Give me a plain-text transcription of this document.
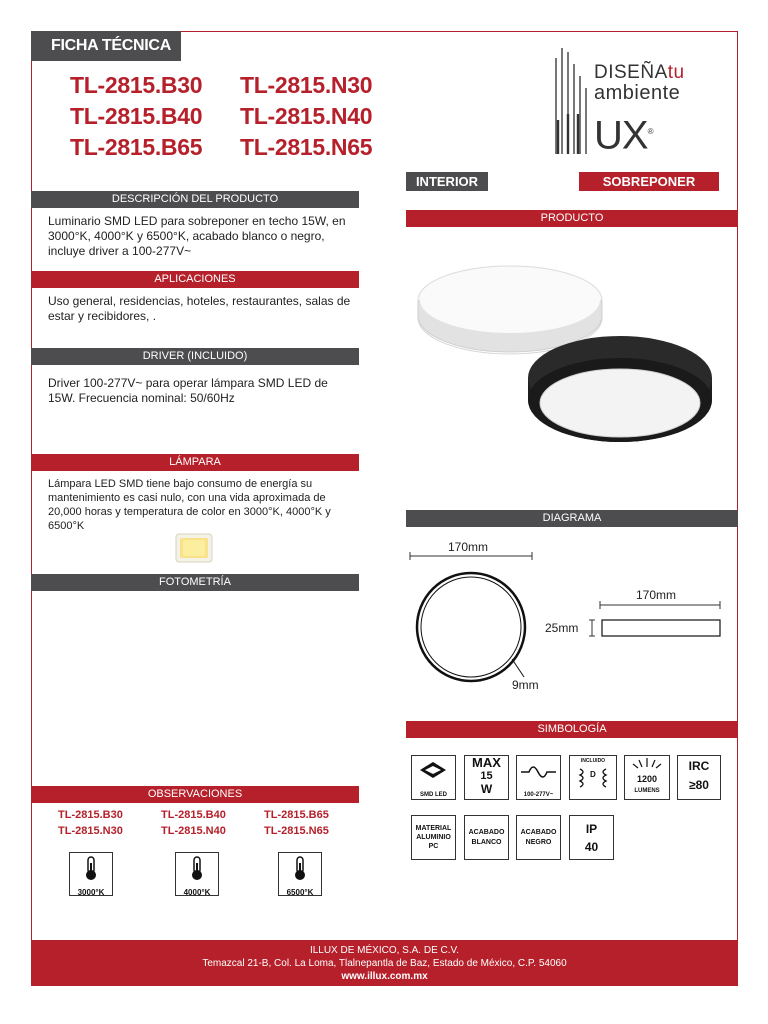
FICHA TÉCNICA
TL-2815.B30
TL-2815.B40
TL-2815.B65
TL-2815.N30
TL-2815.N40
TL-2815.N65
DISEÑAtu
ambiente
UX®
INTERIOR	SOBREPONER
DESCRIPCIÓN DEL PRODUCTO
Luminario SMD LED para sobreponer en techo 15W, en 3000°K, 4000°K y 6500°K, acabado blanco o negro, incluye driver a 100-277V~
APLICACIONES
Uso general, residencias, hoteles, restaurantes, salas de estar y recibidores, .
DRIVER (INCLUIDO)
Driver 100-277V~ para operar lámpara SMD LED de 15W. Frecuencia nominal: 50/60Hz
LÁMPARA
Lámpara LED SMD tiene bajo consumo de energía su mantenimiento es casi nulo, con una vida aproximada de 20,000 horas y temperatura de color en 3000°K, 4000°K y 6500°K
FOTOMETRÍA
OBSERVACIONES
TL-2815.B30	TL-2815.B40	TL-2815.B65
TL-2815.N30	TL-2815.N40	TL-2815.N65
3000°K	4000°K	6500°K
PRODUCTO
DIAGRAMA
170mm
170mm
25mm
9mm
SIMBOLOGÍA
SMD LED
MAX
15
W	100-277V~
INCLUIDO
D	1200
LUMENS
IRC
≥80
MATERIAL
ALUMINIO
PC
ACABADO
BLANCO
ACABADO
NEGRO
IP
40
ILLUX DE MÉXICO, S.A. DE C.V.
Temazcal 21-B, Col. La Loma, Tlalnepantla de Baz, Estado de México, C.P. 54060
www.illux.com.mx
